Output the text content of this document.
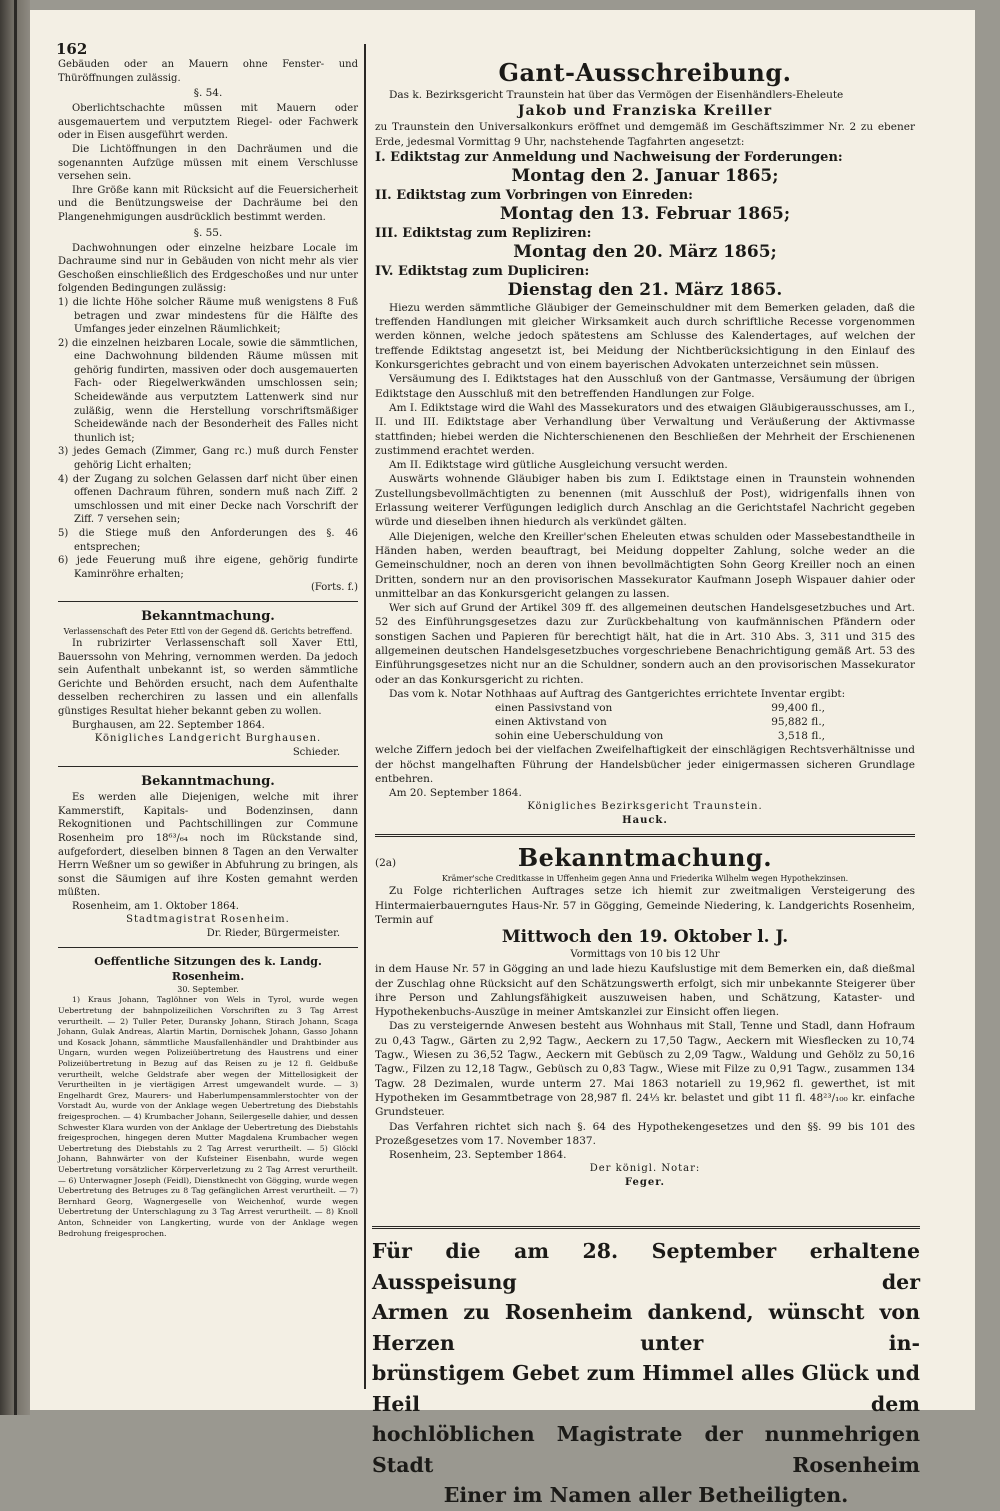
162

Gebäuden oder an Mauern ohne Fenster- und Thüröffnungen zulässig.

§. 54.

Oberlichtschachte müssen mit Mauern oder ausgemauertem und verputztem Riegel- oder Fachwerk oder in Eisen ausgeführt werden.

Die Lichtöffnungen in den Dachräumen und die sogenannten Aufzüge müssen mit einem Verschlusse versehen sein.

Ihre Größe kann mit Rücksicht auf die Feuersicherheit und die Benützungsweise der Dachräume bei den Plangenehmigungen ausdrücklich bestimmt werden.

§. 55.

Dachwohnungen oder einzelne heizbare Locale im Dachraume sind nur in Gebäuden von nicht mehr als vier Geschoßen einschließlich des Erdgeschoßes und nur unter folgenden Bedingungen zulässig:

1) die lichte Höhe solcher Räume muß wenigstens 8 Fuß betragen und zwar mindestens für die Hälfte des Umfanges jeder einzelnen Räumlichkeit;
2) die einzelnen heizbaren Locale, sowie die sämmtlichen, eine Dachwohnung bildenden Räume müssen mit gehörig fundirten, massiven oder doch ausgemauerten Fach- oder Riegelwerkwänden umschlossen sein; Scheidewände aus verputztem Lattenwerk sind nur zuläßig, wenn die Herstellung vorschriftsmäßiger Scheidewände nach der Besonderheit des Falles nicht thunlich ist;
3) jedes Gemach (Zimmer, Gang rc.) muß durch Fenster gehörig Licht erhalten;
4) der Zugang zu solchen Gelassen darf nicht über einen offenen Dachraum führen, sondern muß nach Ziff. 2 umschlossen und mit einer Decke nach Vorschrift der Ziff. 7 versehen sein;
5) die Stiege muß den Anforderungen des §. 46 entsprechen;
6) jede Feuerung muß ihre eigene, gehörig fundirte Kaminröhre erhalten;
(Forts. f.)
Bekanntmachung.
Verlassenschaft des Peter Ettl von der Gegend dß. Gerichts betreffend.

In rubrizirter Verlassenschaft soll Xaver Ettl, Bauerssohn von Mehring, vernommen werden. Da jedoch sein Aufenthalt unbekannt ist, so werden sämmtliche Gerichte und Behörden ersucht, nach dem Aufenthalte desselben recherchiren zu lassen und ein allenfalls günstiges Resultat hieher bekannt geben zu wollen.

Burghausen, am 22. September 1864.

Königliches Landgericht Burghausen.
Schieder.
Bekanntmachung.

Es werden alle Diejenigen, welche mit ihrer Kammerstift, Kapitals- und Bodenzinsen, dann Rekognitionen und Pachtschillingen zur Commune Rosenheim pro 18⁶³/₆₄ noch im Rückstande sind, aufgefordert, dieselben binnen 8 Tagen an den Verwalter Herrn Weßner um so gewißer in Abfuhrung zu bringen, als sonst die Säumigen auf ihre Kosten gemahnt werden müßten.

Rosenheim, am 1. Oktober 1864.

Stadtmagistrat Rosenheim.
Dr. Rieder, Bürgermeister.
Oeffentliche Sitzungen des k. Landg. Rosenheim.
30. September.

1) Kraus Johann, Taglöhner von Wels in Tyrol, wurde wegen Uebertretung der bahnpolizeilichen Vorschriften zu 3 Tag Arrest verurtheilt. — 2) Tuller Peter, Duransky Johann, Stirach Johann, Scaga Johann, Gulak Andreas, Alartin Martin, Dornischek Johann, Gasso Johann und Kosack Johann, sämmtliche Mausfallenhändler und Drahtbinder aus Ungarn, wurden wegen Polizeiübertretung des Haustrens und einer Polizeiübertretung in Bezug auf das Reisen zu je 12 fl. Geldbuße verurtheilt, welche Geldstrafe aber wegen der Mittellosigkeit der Verurtheilten in je viertägigen Arrest umgewandelt wurde. — 3) Engelhardt Grez, Maurers- und Haberlumpensammlerstochter von der Vorstadt Au, wurde von der Anklage wegen Uebertretung des Diebstahls freigesprochen. — 4) Krumbacher Johann, Seilergeselle dahier, und dessen Schwester Klara wurden von der Anklage der Uebertretung des Diebstahls freigesprochen, hingegen deren Mutter Magdalena Krumbacher wegen Uebertretung des Diebstahls zu 2 Tag Arrest verurtheilt. — 5) Glöckl Johann, Bahnwärter von der Kufsteiner Eisenbahn, wurde wegen Uebertretung vorsätzlicher Körperverletzung zu 2 Tag Arrest verurtheilt. — 6) Unterwagner Joseph (Feidl), Dienstknecht von Gögging, wurde wegen Uebertretung des Betruges zu 8 Tag gefänglichen Arrest verurtheilt. — 7) Bernhard Georg, Wagnergeselle von Weichenhof, wurde wegen Uebertretung der Unterschlagung zu 3 Tag Arrest verurtheilt. — 8) Knoll Anton, Schneider von Langkerting, wurde von der Anklage wegen Bedrohung freigesprochen.

Gant-Ausschreibung.

Das k. Bezirksgericht Traunstein hat über das Vermögen der Eisenhändlers-Eheleute

Jakob und Franziska Kreiller

zu Traunstein den Universalkonkurs eröffnet und demgemäß im Geschäftszimmer Nr. 2 zu ebener Erde, jedesmal Vormittag 9 Uhr, nachstehende Tagfahrten angesetzt:

I. Ediktstag zur Anmeldung und Nachweisung der Forderungen:
Montag den 2. Januar 1865;
II. Ediktstag zum Vorbringen von Einreden:
Montag den 13. Februar 1865;
III. Ediktstag zum Repliziren:
Montag den 20. März 1865;
IV. Ediktstag zum Dupliciren:
Dienstag den 21. März 1865.

Hiezu werden sämmtliche Gläubiger der Gemeinschuldner mit dem Bemerken geladen, daß die treffenden Handlungen mit gleicher Wirksamkeit auch durch schriftliche Recesse vorgenommen werden können, welche jedoch spätestens am Schlusse des Kalendertages, auf welchen der treffende Ediktstag angesetzt ist, bei Meidung der Nichtberücksichtigung in den Einlauf des Konkursgerichtes gebracht und von einem bayerischen Advokaten unterzeichnet sein müssen.

Versäumung des I. Ediktstages hat den Ausschluß von der Gantmasse, Versäumung der übrigen Ediktstage den Ausschluß mit den betreffenden Handlungen zur Folge.

Am I. Ediktstage wird die Wahl des Massekurators und des etwaigen Gläubigerausschusses, am I., II. und III. Ediktstage aber Verhandlung über Verwaltung und Veräußerung der Aktivmasse stattfinden; hiebei werden die Nichterschienenen den Beschließen der Mehrheit der Erschienenen zustimmend erachtet werden.

Am II. Ediktstage wird gütliche Ausgleichung versucht werden.

Auswärts wohnende Gläubiger haben bis zum I. Ediktstage einen in Traunstein wohnenden Zustellungsbevollmächtigten zu benennen (mit Ausschluß der Post), widrigenfalls ihnen von Erlassung weiterer Verfügungen lediglich durch Anschlag an die Gerichtstafel Nachricht gegeben würde und dieselben ihnen hiedurch als verkündet gälten.

Alle Diejenigen, welche den Kreiller'schen Eheleuten etwas schulden oder Massebestandtheile in Händen haben, werden beauftragt, bei Meidung doppelter Zahlung, solche weder an die Gemeinschuldner, noch an deren von ihnen bevollmächtigten Sohn Georg Kreiller noch an einen Dritten, sondern nur an den provisorischen Massekurator Kaufmann Joseph Wispauer dahier oder unmittelbar an das Konkursgericht gelangen zu lassen.

Wer sich auf Grund der Artikel 309 ff. des allgemeinen deutschen Handelsgesetzbuches und Art. 52 des Einführungsgesetzes dazu zur Zurückbehaltung von kaufmännischen Pfändern oder sonstigen Sachen und Papieren für berechtigt hält, hat die in Art. 310 Abs. 3, 311 und 315 des allgemeinen deutschen Handelsgesetzbuches vorgeschriebene Benachrichtigung gemäß Art. 53 des Einführungsgesetzes nicht nur an die Schuldner, sondern auch an den provisorischen Massekurator oder an das Konkursgericht zu richten.

Das vom k. Notar Nothhaas auf Auftrag des Gantgerichtes errichtete Inventar ergibt:

einen Passivstand von	99,400 fl.,
einen Aktivstand von	95,882 fl.,
sohin eine Ueberschuldung von	3,518 fl.,

welche Ziffern jedoch bei der vielfachen Zweifelhaftigkeit der einschlägigen Rechtsverhältnisse und der höchst mangelhaften Führung der Handelsbücher jeder einigermassen sicheren Grundlage entbehren.

Am 20. September 1864.

Königliches Bezirksgericht Traunstein.
Hauck.
(2a)	Bekanntmachung.
Krämer'sche Creditkasse in Uffenheim gegen Anna und Friederika Wilhelm wegen Hypothekzinsen.

Zu Folge richterlichen Auftrages setze ich hiemit zur zweitmaligen Versteigerung des Hintermaierbauerngutes Haus-Nr. 57 in Gögging, Gemeinde Niedering, k. Landgerichts Rosenheim, Termin auf

Mittwoch den 19. Oktober l. J.
Vormittags von 10 bis 12 Uhr

in dem Hause Nr. 57 in Gögging an und lade hiezu Kaufslustige mit dem Bemerken ein, daß dießmal der Zuschlag ohne Rücksicht auf den Schätzungswerth erfolgt, sich mir unbekannte Steigerer über ihre Person und Zahlungsfähigkeit auszuweisen haben, und Schätzung, Kataster- und Hypothekenbuchs-Auszüge in meiner Amtskanzlei zur Einsicht offen liegen.

Das zu versteigernde Anwesen besteht aus Wohnhaus mit Stall, Tenne und Stadl, dann Hofraum zu 0,43 Tagw., Gärten zu 2,92 Tagw., Aeckern zu 17,50 Tagw., Aeckern mit Wiesflecken zu 10,74 Tagw., Wiesen zu 36,52 Tagw., Aeckern mit Gebüsch zu 2,09 Tagw., Waldung und Gehölz zu 50,16 Tagw., Filzen zu 12,18 Tagw., Gebüsch zu 0,83 Tagw., Wiese mit Filze zu 0,91 Tagw., zusammen 134 Tagw. 28 Dezimalen, wurde unterm 27. Mai 1863 notariell zu 19,962 fl. gewerthet, ist mit Hypotheken im Gesammtbetrage von 28,987 fl. 24⅓ kr. belastet und gibt 11 fl. 48²³/₁₀₀ kr. einfache Grundsteuer.

Das Verfahren richtet sich nach §. 64 des Hypothekengesetzes und den §§. 99 bis 101 des Prozeßgesetzes vom 17. November 1837.

Rosenheim, 23. September 1864.

Der königl. Notar:
Feger.
Für die am 28. September erhaltene Ausspeisung der
Armen zu Rosenheim dankend, wünscht von Herzen unter in-
brünstigem Gebet zum Himmel alles Glück und Heil dem
hochlöblichen Magistrate der nunmehrigen Stadt Rosenheim
Einer im Namen aller Betheiligten.
